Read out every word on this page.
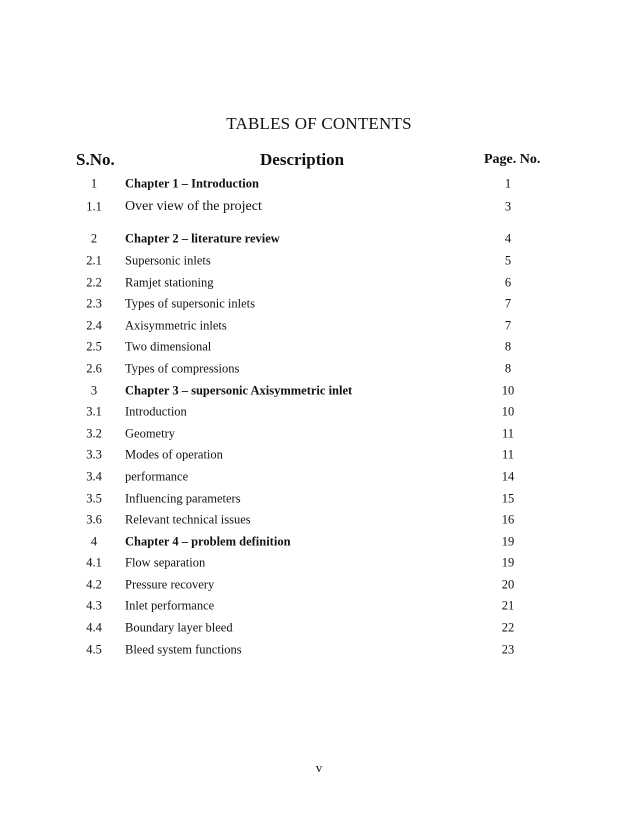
TABLES OF CONTENTS
S.No.	Description	Page. No.
1	Chapter 1 – Introduction	1
1.1	Over view of the project	3
2	Chapter 2 – literature review	4
2.1	Supersonic inlets	5
2.2	Ramjet stationing	6
2.3	Types of supersonic inlets	7
2.4	Axisymmetric inlets	7
2.5	Two dimensional	8
2.6	Types of compressions	8
3	Chapter 3 – supersonic Axisymmetric inlet	10
3.1	Introduction	10
3.2	Geometry	11
3.3	Modes of operation	11
3.4	performance	14
3.5	Influencing parameters	15
3.6	Relevant technical issues	16
4	Chapter 4 – problem definition	19
4.1	Flow separation	19
4.2	Pressure recovery	20
4.3	Inlet performance	21
4.4	Boundary layer bleed	22
4.5	Bleed system functions	23
v
